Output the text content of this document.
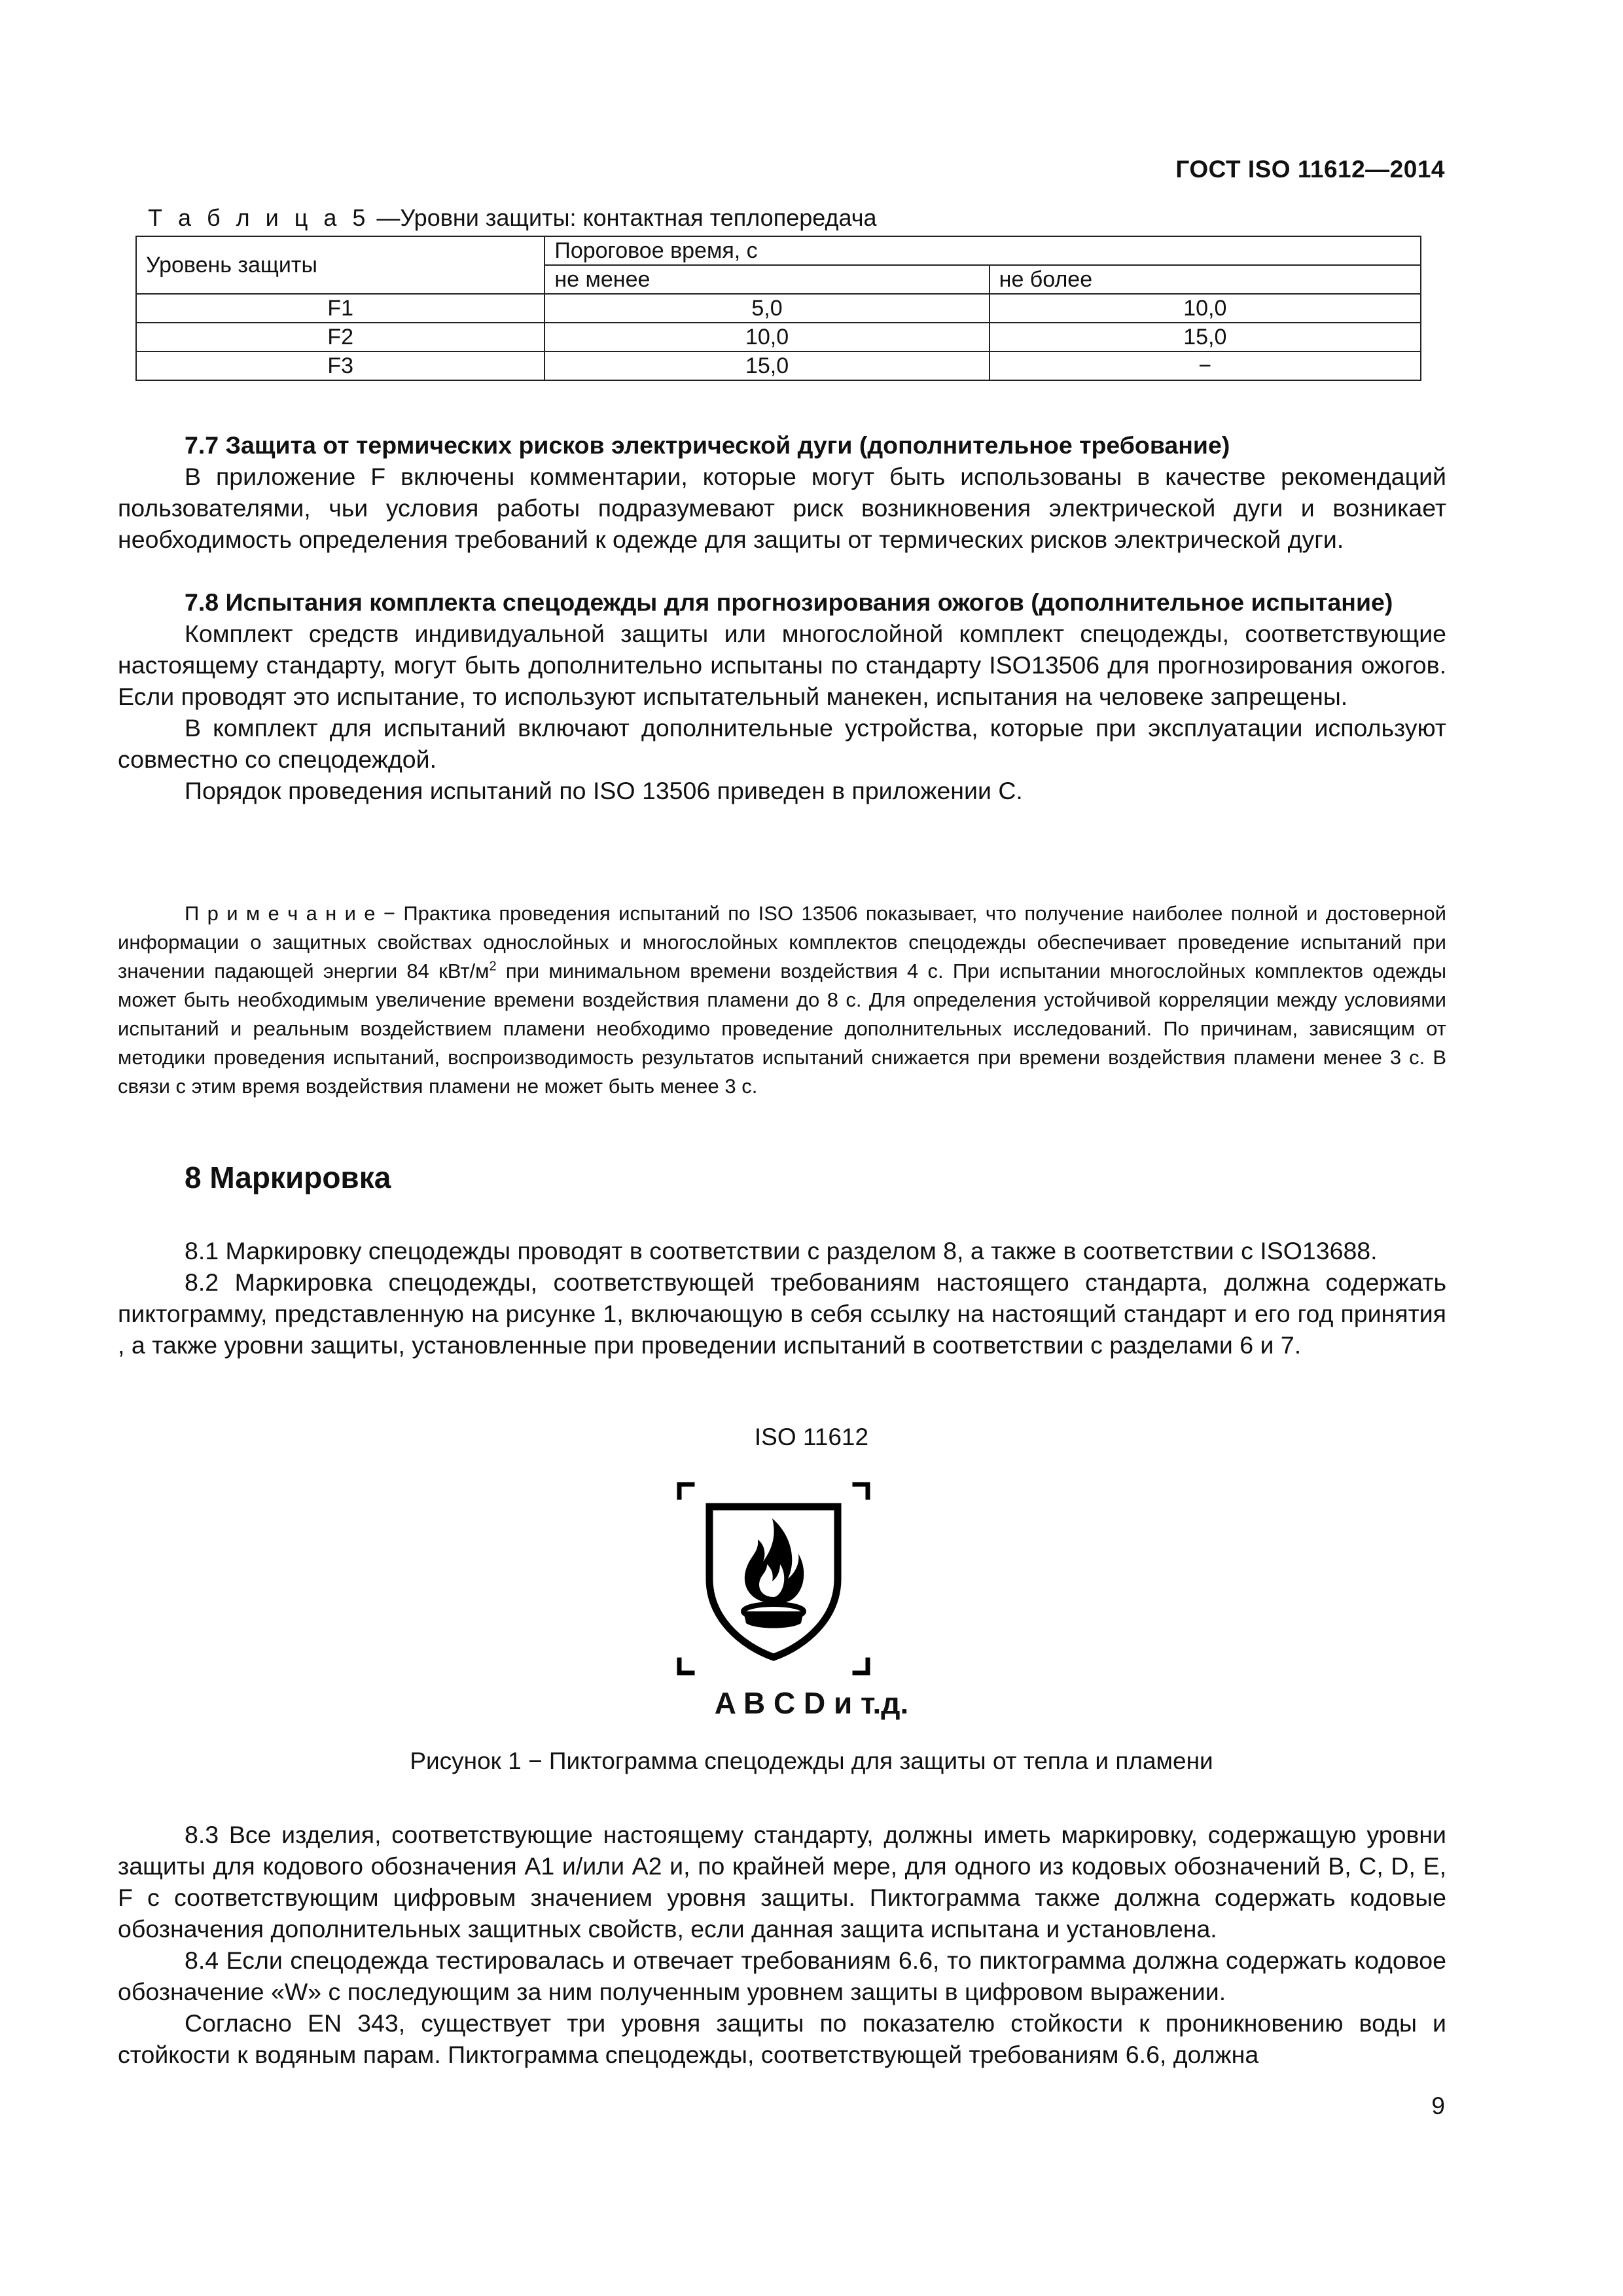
ГОСТ ISO 11612—2014
Т а б л и ц а 5 —Уровни защиты: контактная теплопередача
Уровень защиты	Пороговое время, с	
	не менее	не более
F1	5,0	10,0
F2	10,0	15,0
F3	15,0	−

7.7 Защита от термических рисков электрической дуги (дополнительное требование)

В приложение F включены комментарии, которые могут быть использованы в качестве рекомендаций пользователями, чьи условия работы подразумевают риск возникновения электрической дуги и возникает необходимость определения требований к одежде для защиты от термических рисков электрической дуги.

7.8 Испытания комплекта спецодежды для прогнозирования ожогов (дополнительное испытание)

Комплект средств индивидуальной защиты или многослойной комплект спецодежды, соответствующие настоящему стандарту, могут быть дополнительно испытаны по стандарту ISO13506 для прогнозирования ожогов. Если проводят это испытание, то используют испытательный манекен, испытания на человеке запрещены.

В комплект для испытаний включают дополнительные устройства, которые при эксплуатации используют совместно со спецодеждой.

Порядок проведения испытаний по ISO 13506 приведен в приложении С.

П р и м е ч а н и е − Практика проведения испытаний по ISO 13506 показывает, что получение наиболее полной и достоверной информации о защитных свойствах однослойных и многослойных комплектов спецодежды обеспечивает проведение испытаний при значении падающей энергии 84 кВт/$м^2$ при минимальном времени воздействия 4 с. При испытании многослойных комплектов одежды может быть необходимым увеличение времени воздействия пламени до 8 с. Для определения устойчивой корреляции между условиями испытаний и реальным воздействием пламени необходимо проведение дополнительных исследований. По причинам, зависящим от методики проведения испытаний, воспроизводимость результатов испытаний снижается при времени воздействия пламени менее 3 с. В связи с этим время воздействия пламени не может быть менее 3 с.

8 Маркировка

8.1 Маркировку спецодежды проводят в соответствии с разделом 8, а также в соответствии с ISO13688.

8.2 Маркировка спецодежды, соответствующей требованиям настоящего стандарта, должна содержать пиктограмму, представленную на рисунке 1, включающую в себя ссылку на настоящий стандарт и его год принятия , а также уровни защиты, установленные при проведении испытаний в соответствии с разделами 6 и 7.

ISO 11612
A B C D и т.д.
Рисунок 1 − Пиктограмма спецодежды для защиты от тепла и пламени

8.3 Все изделия, соответствующие настоящему стандарту, должны иметь маркировку, содержащую уровни защиты для кодового обозначения A1 и/или A2 и, по крайней мере, для одного из кодовых обозначений B, C, D, E, F с соответствующим цифровым значением уровня защиты. Пиктограмма также должна содержать кодовые обозначения дополнительных защитных свойств, если данная защита испытана и установлена.

8.4 Если спецодежда тестировалась и отвечает требованиям 6.6, то пиктограмма должна содержать кодовое обозначение «W» с последующим за ним полученным уровнем защиты в цифровом выражении.

Согласно EN 343, существует три уровня защиты по показателю стойкости к проникновению воды и стойкости к водяным парам. Пиктограмма спецодежды, соответствующей требованиям 6.6, должна

9
